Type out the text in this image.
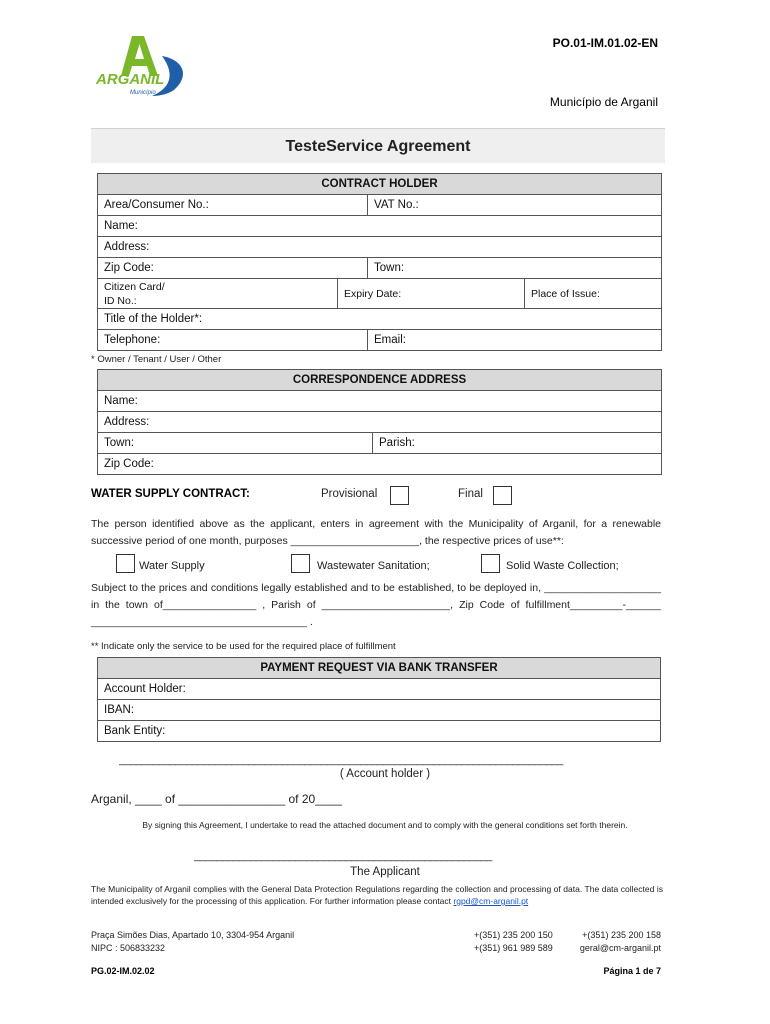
ARGANIL
Município
PO.01-IM.01.02-EN
Município de Arganil
TesteService Agreement
CONTRACT HOLDER			
Area/Consumer No.:		VAT No.:	
Name:			
Address:			
Zip Code:		Town:	

Citizen Card/
ID No.:	Expiry Date:		Place of Issue:
Title of the Holder*:			
Telephone:		Email:	
* Owner / Tenant / User / Other
CORRESPONDENCE ADDRESS
Name:
Address:
Town:	Parish:
Zip Code:
WATER SUPPLY CONTRACT:	Provisional	Final
The person identified above as the applicant, enters in agreement with the Municipality of Arganil, for a renewable successive period of one month, purposes ______________________, the respective prices of use**:
Water Supply	Wastewater Sanitation;	Solid Waste Collection;
Subject to the prices and conditions legally established and to be established, to be deployed in, ____________________ in the town of________________ , Parish of ______________________, Zip Code of fulfillment_________-______ _____________________________________ .
** Indicate only the service to be used for the required place of fulfillment
PAYMENT REQUEST VIA BANK TRANSFER
Account Holder:
IBAN:
Bank Entity:
_______________________________________________________________________________
( Account holder )
Arganil, ____ of ________________ of 20____
By signing this Agreement, I undertake to read the attached document and to comply with the general conditions set forth therein.
_____________________________________________________
The Applicant
The Municipality of Arganil complies with the General Data Protection Regulations regarding the collection and processing of data. The data collected is intended exclusively for the processing of this application. For further information please contact rgpd@cm-arganil.pt
Praça Simões Dias, Apartado 10, 3304-954 Arganil
NIPC : 506833232
+(351) 235 200 150
+(351) 961 989 589
+(351) 235 200 158
geral@cm-arganil.pt
PG.02-IM.02.02	Página 1 de 7
